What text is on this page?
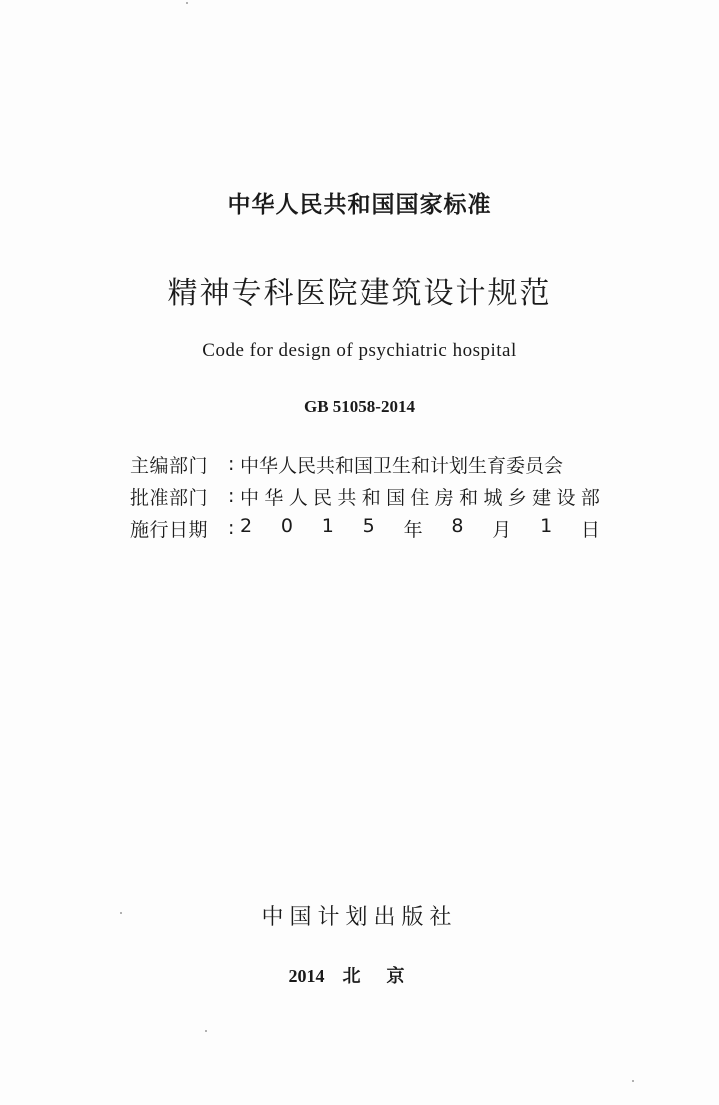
中华人民共和国国家标准
精神专科医院建筑设计规范
Code for design of psychiatric hospital
GB 51058-2014
主编部门	: 中华人民共和国卫生和计划生育委员会
批准部门	: 中 华 人 民 共 和 国 住 房 和 城 乡 建 设 部
施行日期	: 2 0 1 5 年 8 月 1 日
中国计划出版社
2014 北京
